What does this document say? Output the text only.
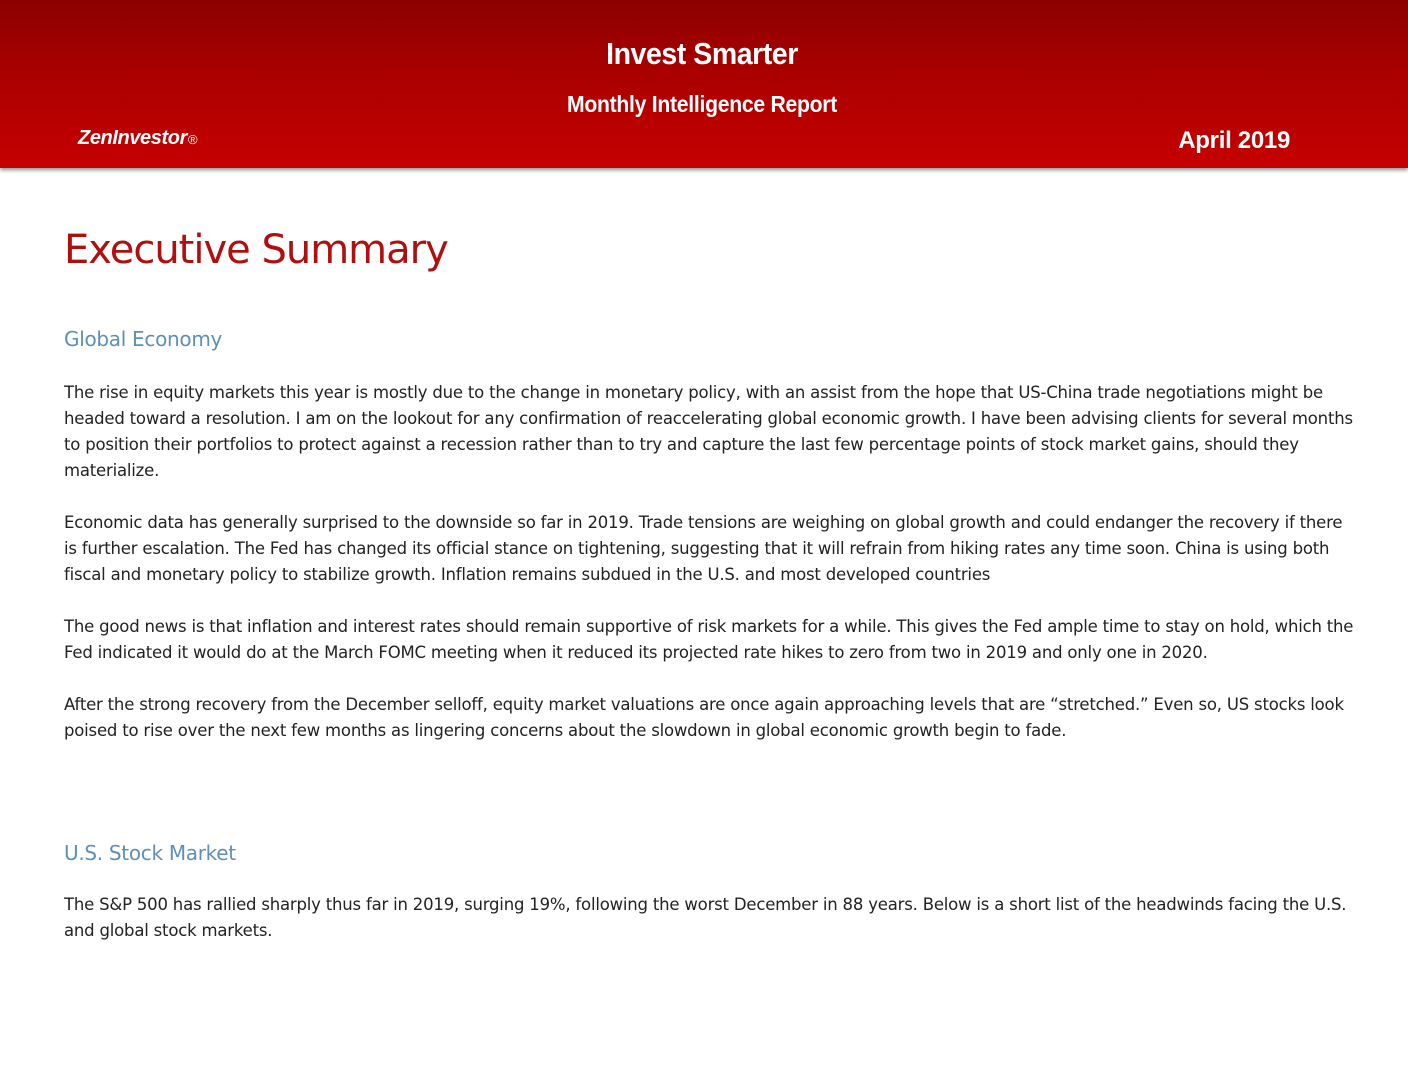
Invest Smarter
Monthly Intelligence Report
ZenInvestor®	April 2019
Executive Summary
Global Economy

The rise in equity markets this year is mostly due to the change in monetary policy, with an assist from the hope that US-China trade negotiations might be headed toward a resolution. I am on the lookout for any confirmation of reaccelerating global economic growth. I have been advising clients for several months to position their portfolios to protect against a recession rather than to try and capture the last few percentage points of stock market gains, should they materialize.

Economic data has generally surprised to the downside so far in 2019. Trade tensions are weighing on global growth and could endanger the recovery if there is further escalation. The Fed has changed its official stance on tightening, suggesting that it will refrain from hiking rates any time soon. China is using both fiscal and monetary policy to stabilize growth. Inflation remains subdued in the U.S. and most developed countries

The good news is that inflation and interest rates should remain supportive of risk markets for a while. This gives the Fed ample time to stay on hold, which the Fed indicated it would do at the March FOMC meeting when it reduced its projected rate hikes to zero from two in 2019 and only one in 2020.

After the strong recovery from the December selloff, equity market valuations are once again approaching levels that are “stretched.” Even so, US stocks look poised to rise over the next few months as lingering concerns about the slowdown in global economic growth begin to fade.

U.S. Stock Market

The S&P 500 has rallied sharply thus far in 2019, surging 19%, following the worst December in 88 years. Below is a short list of the headwinds facing the U.S. and global stock markets.
